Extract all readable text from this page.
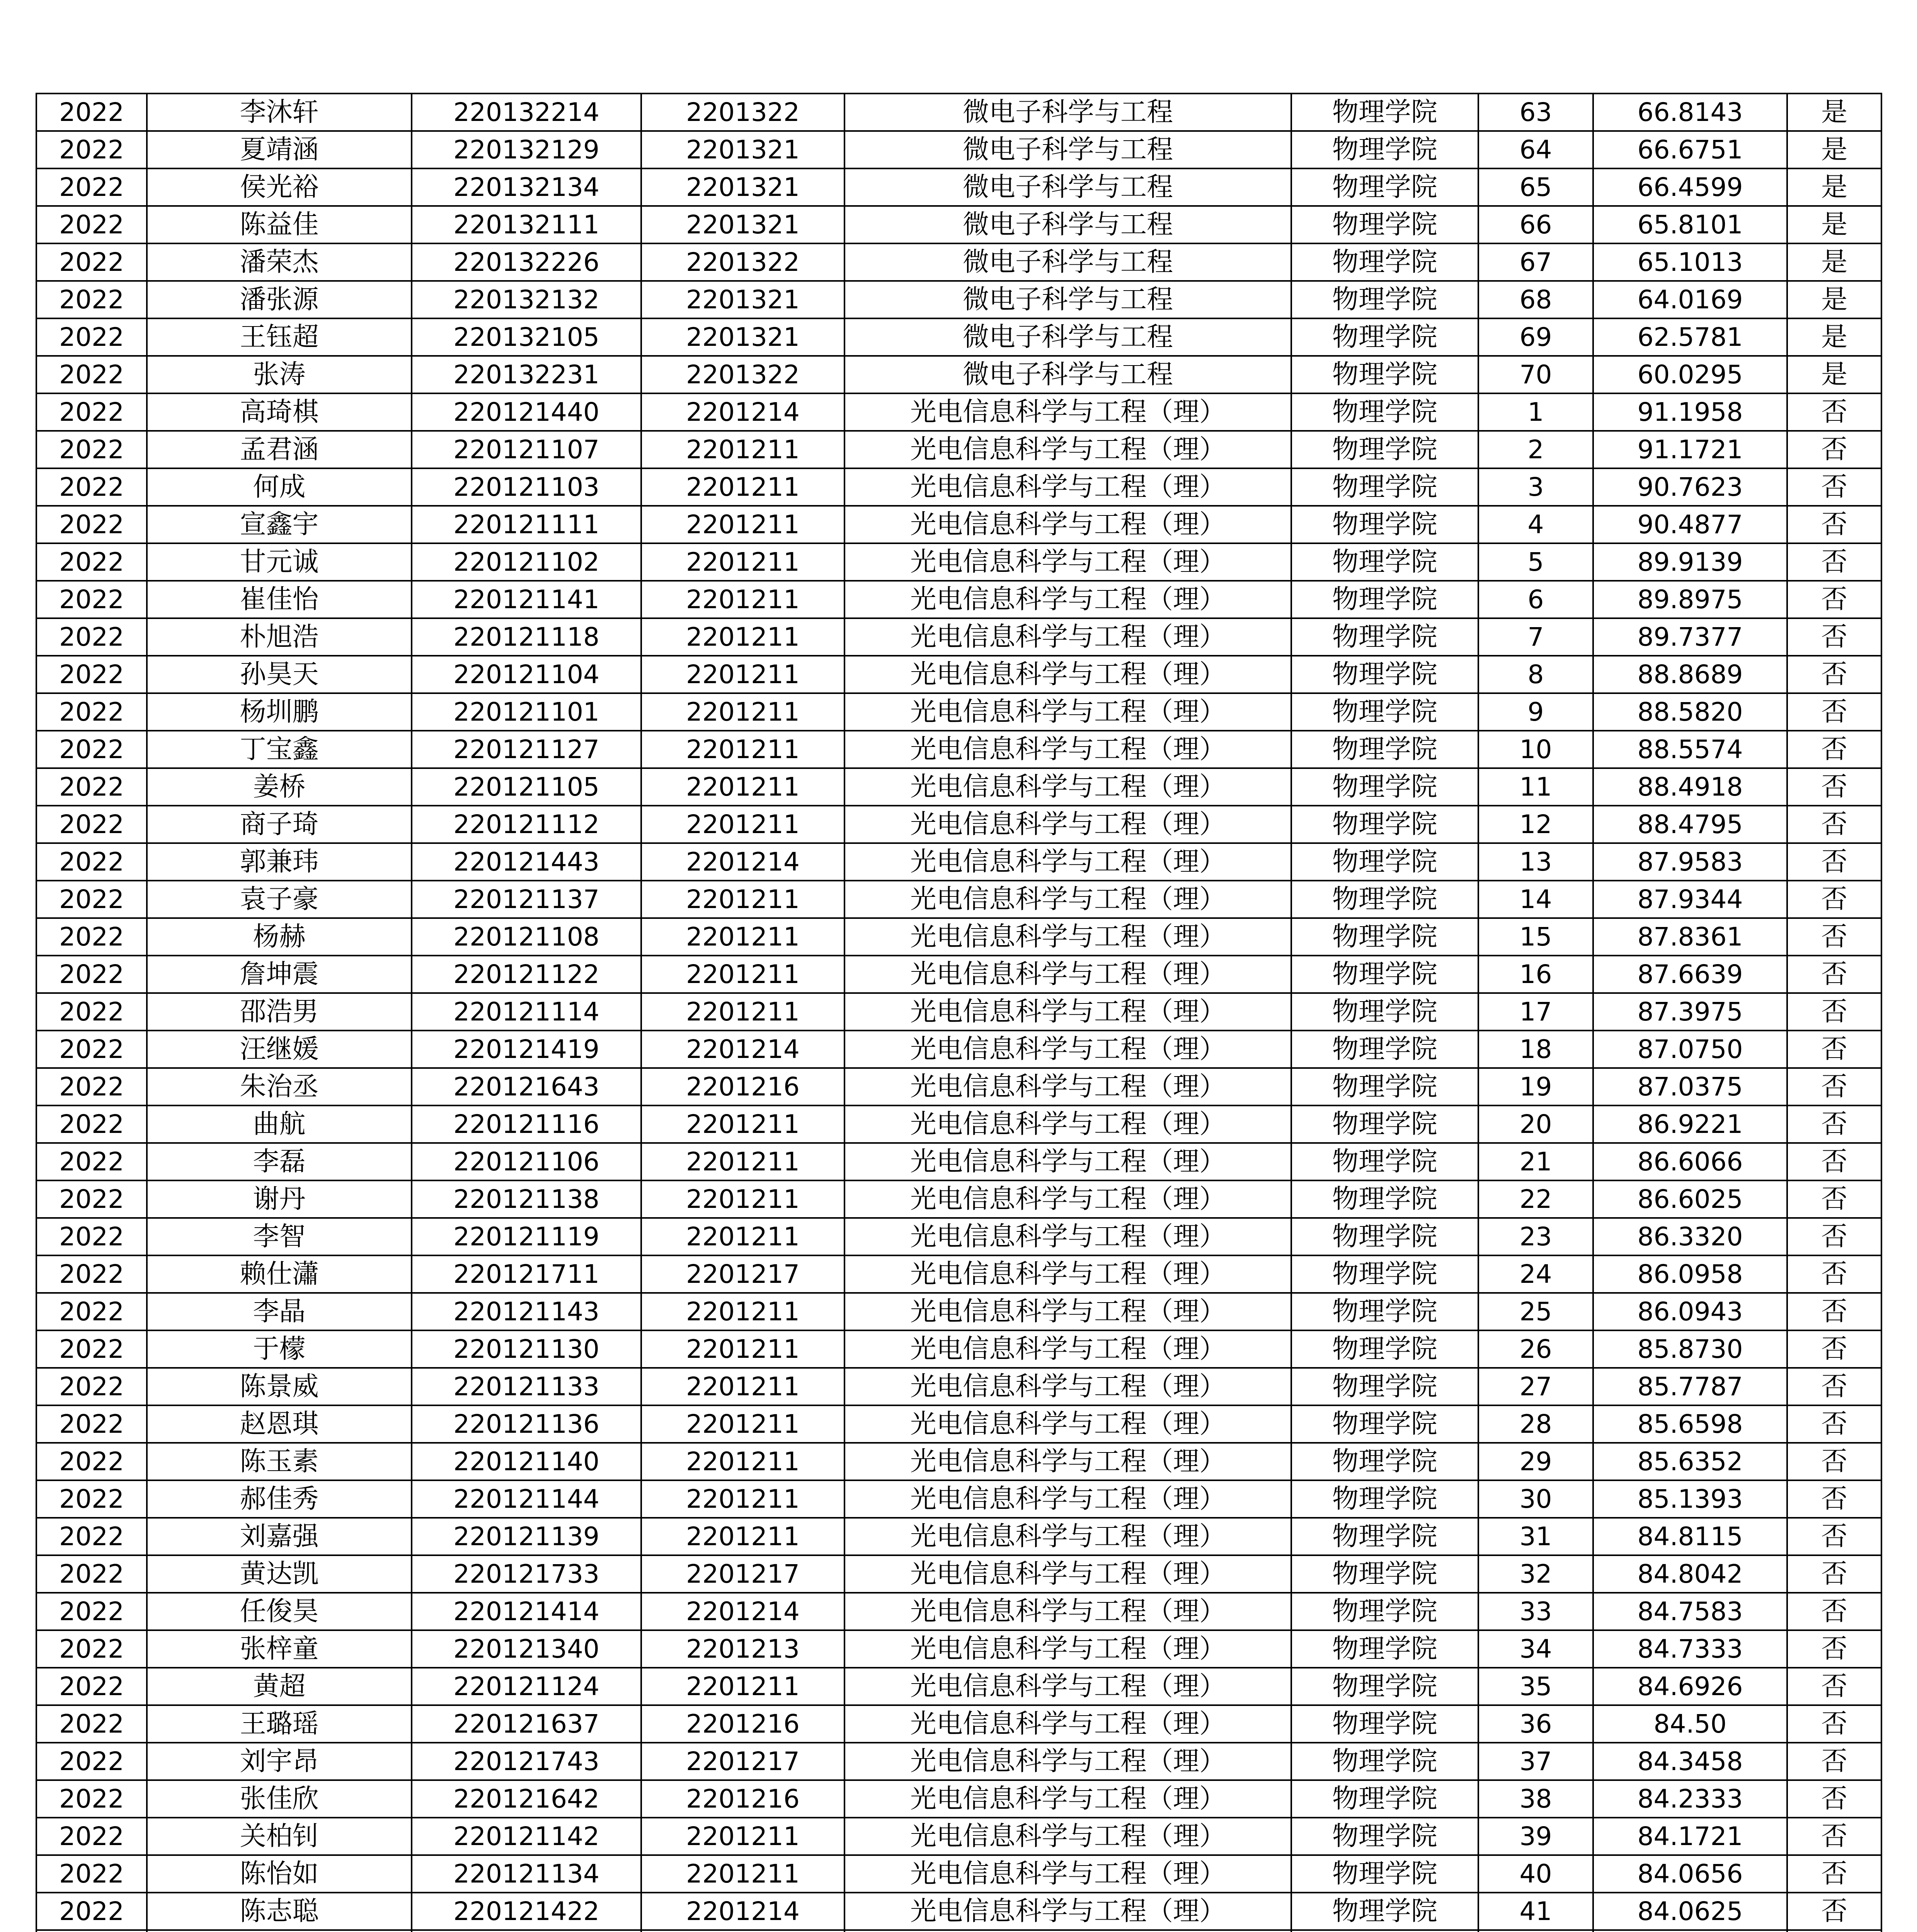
2022	李沐轩	220132214	2201322	微电子科学与工程	物理学院	63	66.8143	是
2022	夏靖涵	220132129	2201321	微电子科学与工程	物理学院	64	66.6751	是
2022	侯光裕	220132134	2201321	微电子科学与工程	物理学院	65	66.4599	是
2022	陈益佳	220132111	2201321	微电子科学与工程	物理学院	66	65.8101	是
2022	潘荣杰	220132226	2201322	微电子科学与工程	物理学院	67	65.1013	是
2022	潘张源	220132132	2201321	微电子科学与工程	物理学院	68	64.0169	是
2022	王钰超	220132105	2201321	微电子科学与工程	物理学院	69	62.5781	是
2022	张涛	220132231	2201322	微电子科学与工程	物理学院	70	60.0295	是
2022	高琦棋	220121440	2201214	光电信息科学与工程（理）	物理学院	1	91.1958	否
2022	孟君涵	220121107	2201211	光电信息科学与工程（理）	物理学院	2	91.1721	否
2022	何成	220121103	2201211	光电信息科学与工程（理）	物理学院	3	90.7623	否
2022	宣鑫宇	220121111	2201211	光电信息科学与工程（理）	物理学院	4	90.4877	否
2022	甘元诚	220121102	2201211	光电信息科学与工程（理）	物理学院	5	89.9139	否
2022	崔佳怡	220121141	2201211	光电信息科学与工程（理）	物理学院	6	89.8975	否
2022	朴旭浩	220121118	2201211	光电信息科学与工程（理）	物理学院	7	89.7377	否
2022	孙昊天	220121104	2201211	光电信息科学与工程（理）	物理学院	8	88.8689	否
2022	杨圳鹏	220121101	2201211	光电信息科学与工程（理）	物理学院	9	88.5820	否
2022	丁宝鑫	220121127	2201211	光电信息科学与工程（理）	物理学院	10	88.5574	否
2022	姜桥	220121105	2201211	光电信息科学与工程（理）	物理学院	11	88.4918	否
2022	商子琦	220121112	2201211	光电信息科学与工程（理）	物理学院	12	88.4795	否
2022	郭兼玮	220121443	2201214	光电信息科学与工程（理）	物理学院	13	87.9583	否
2022	袁子豪	220121137	2201211	光电信息科学与工程（理）	物理学院	14	87.9344	否
2022	杨赫	220121108	2201211	光电信息科学与工程（理）	物理学院	15	87.8361	否
2022	詹坤震	220121122	2201211	光电信息科学与工程（理）	物理学院	16	87.6639	否
2022	邵浩男	220121114	2201211	光电信息科学与工程（理）	物理学院	17	87.3975	否
2022	汪继媛	220121419	2201214	光电信息科学与工程（理）	物理学院	18	87.0750	否
2022	朱治丞	220121643	2201216	光电信息科学与工程（理）	物理学院	19	87.0375	否
2022	曲航	220121116	2201211	光电信息科学与工程（理）	物理学院	20	86.9221	否
2022	李磊	220121106	2201211	光电信息科学与工程（理）	物理学院	21	86.6066	否
2022	谢丹	220121138	2201211	光电信息科学与工程（理）	物理学院	22	86.6025	否
2022	李智	220121119	2201211	光电信息科学与工程（理）	物理学院	23	86.3320	否
2022	赖仕瀟	220121711	2201217	光电信息科学与工程（理）	物理学院	24	86.0958	否
2022	李晶	220121143	2201211	光电信息科学与工程（理）	物理学院	25	86.0943	否
2022	于檬	220121130	2201211	光电信息科学与工程（理）	物理学院	26	85.8730	否
2022	陈景威	220121133	2201211	光电信息科学与工程（理）	物理学院	27	85.7787	否
2022	赵恩琪	220121136	2201211	光电信息科学与工程（理）	物理学院	28	85.6598	否
2022	陈玉素	220121140	2201211	光电信息科学与工程（理）	物理学院	29	85.6352	否
2022	郝佳秀	220121144	2201211	光电信息科学与工程（理）	物理学院	30	85.1393	否
2022	刘嘉强	220121139	2201211	光电信息科学与工程（理）	物理学院	31	84.8115	否
2022	黄达凯	220121733	2201217	光电信息科学与工程（理）	物理学院	32	84.8042	否
2022	任俊昊	220121414	2201214	光电信息科学与工程（理）	物理学院	33	84.7583	否
2022	张梓童	220121340	2201213	光电信息科学与工程（理）	物理学院	34	84.7333	否
2022	黄超	220121124	2201211	光电信息科学与工程（理）	物理学院	35	84.6926	否
2022	王璐瑶	220121637	2201216	光电信息科学与工程（理）	物理学院	36	84.50	否
2022	刘宇昂	220121743	2201217	光电信息科学与工程（理）	物理学院	37	84.3458	否
2022	张佳欣	220121642	2201216	光电信息科学与工程（理）	物理学院	38	84.2333	否
2022	关柏钊	220121142	2201211	光电信息科学与工程（理）	物理学院	39	84.1721	否
2022	陈怡如	220121134	2201211	光电信息科学与工程（理）	物理学院	40	84.0656	否
2022	陈志聪	220121422	2201214	光电信息科学与工程（理）	物理学院	41	84.0625	否
